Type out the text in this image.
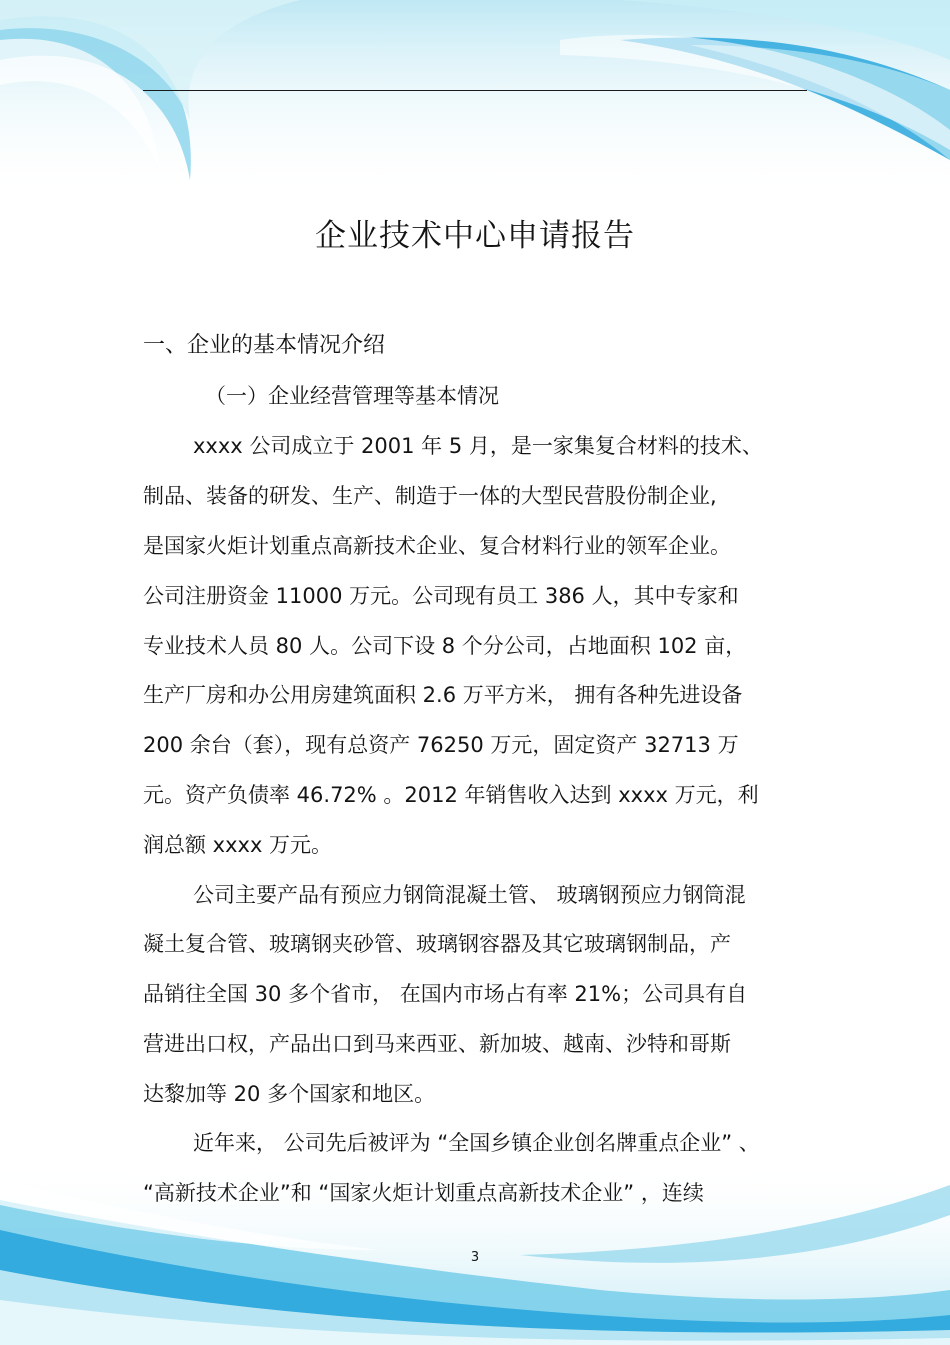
企业技术中心申请报告
一、企业的基本情况介绍
（一）企业经营管理等基本情况
xxxx 公司成立于 2001 年 5 月，是一家集复合材料的技术、
制品、装备的研发、生产、制造于一体的大型民营股份制企业,
是国家火炬计划重点高新技术企业、复合材料行业的领军企业。
公司注册资金 11000 万元。公司现有员工 386 人，其中专家和
专业技术人员 80 人。公司下设 8 个分公司，占地面积 102 亩，
生产厂房和办公用房建筑面积 2.6 万平方米， 拥有各种先进设备
200 余台（套），现有总资产 76250 万元，固定资产 32713 万
元。资产负债率 46.72% 。2012 年销售收入达到 xxxx 万元，利
润总额 xxxx 万元。
公司主要产品有预应力钢筒混凝土管、 玻璃钢预应力钢筒混
凝土复合管、玻璃钢夹砂管、玻璃钢容器及其它玻璃钢制品，产
品销往全国 30 多个省市， 在国内市场占有率 21%；公司具有自
营进出口权，产品出口到马来西亚、新加坡、越南、沙特和哥斯
达黎加等 20 多个国家和地区。
近年来， 公司先后被评为 “全国乡镇企业创名牌重点企业” 、
“高新技术企业”和 “国家火炬计划重点高新技术企业” ，连续
3
